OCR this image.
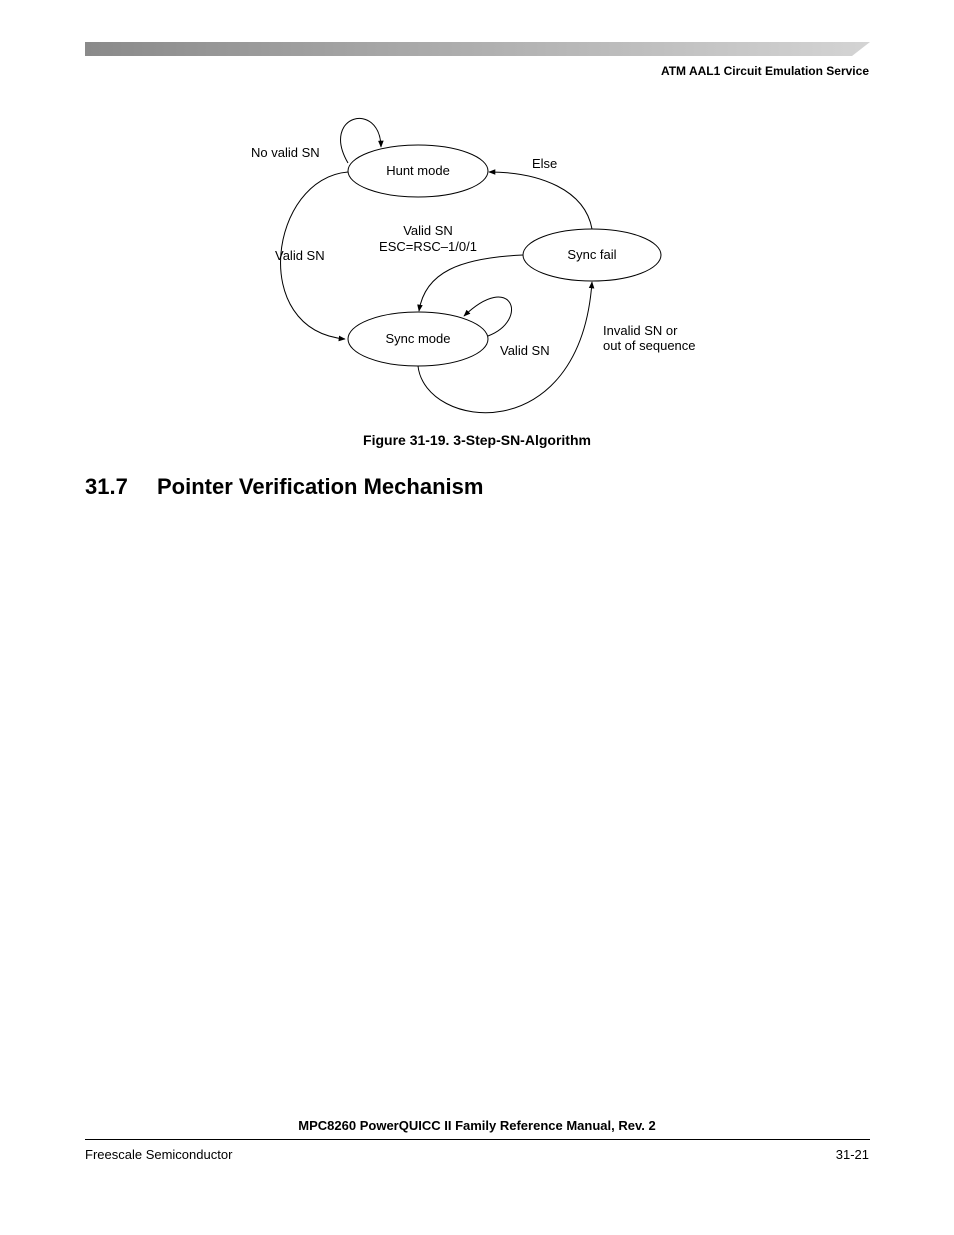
ATM AAL1 Circuit Emulation Service
Hunt mode
Sync fail
Sync mode
No valid SN
Else
Valid SN
Valid SN
ESC=RSC–1/0/1
Valid SN
Invalid SN or
out of sequence
Figure 31-19. 3-Step-SN-Algorithm
31.7 Pointer Verification Mechanism
MPC8260 PowerQUICC II Family Reference Manual, Rev. 2
Freescale Semiconductor	31-21
